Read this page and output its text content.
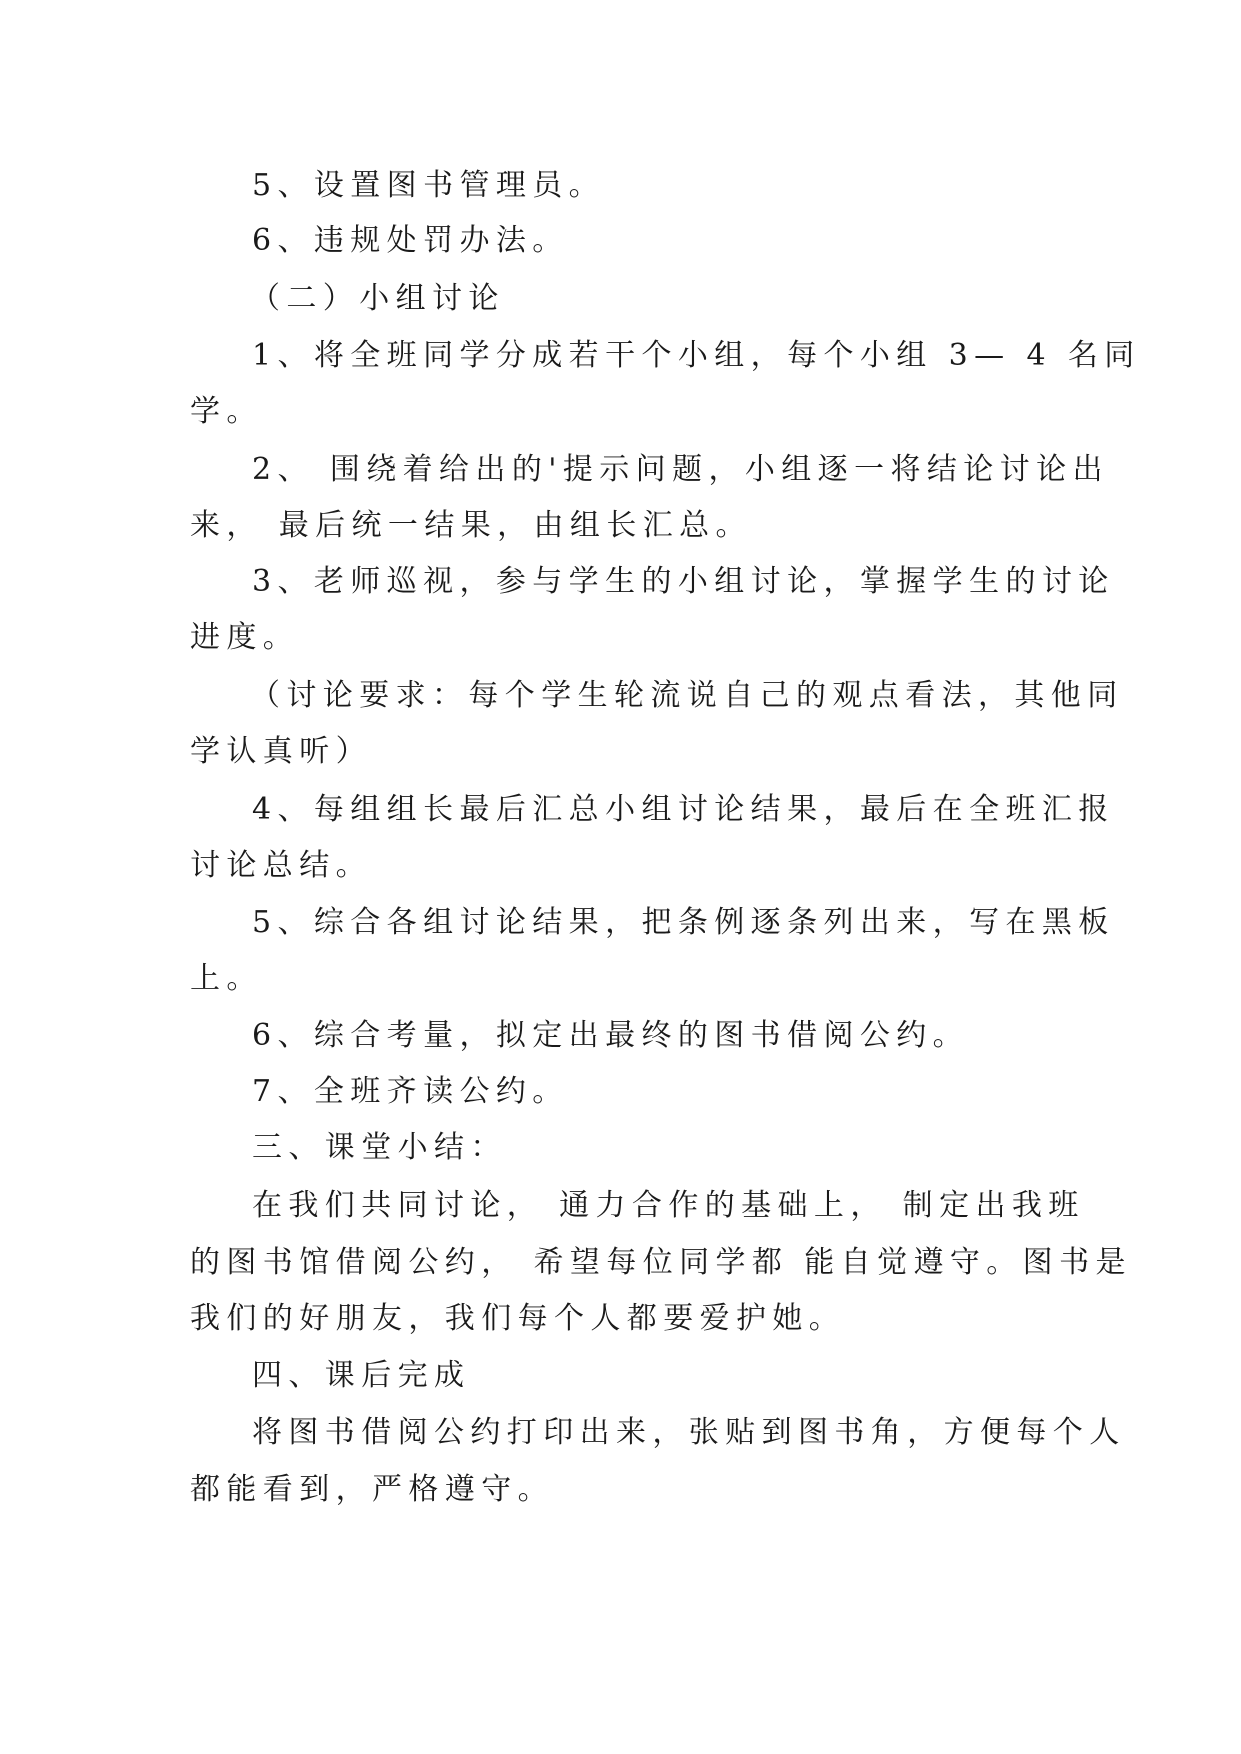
5、设置图书管理员。
6、违规处罚办法。
（二）小组讨论
1、将全班同学分成若干个小组，每个小组 3— 4 名同
学。
2、 围绕着给出的'提示问题，小组逐一将结论讨论出
来， 最后统一结果，由组长汇总。
3、老师巡视，参与学生的小组讨论，掌握学生的讨论
进度。
（讨论要求：每个学生轮流说自己的观点看法，其他同
学认真听）
4、每组组长最后汇总小组讨论结果，最后在全班汇报
讨论总结。
5、综合各组讨论结果，把条例逐条列出来，写在黑板
上。
6、综合考量，拟定出最终的图书借阅公约。
7、全班齐读公约。
三、课堂小结：
在我们共同讨论， 通力合作的基础上， 制定出我班
的图书馆借阅公约， 希望每位同学都 能自觉遵守。图书是
我们的好朋友，我们每个人都要爱护她。
四、课后完成
将图书借阅公约打印出来，张贴到图书角，方便每个人
都能看到，严格遵守。
